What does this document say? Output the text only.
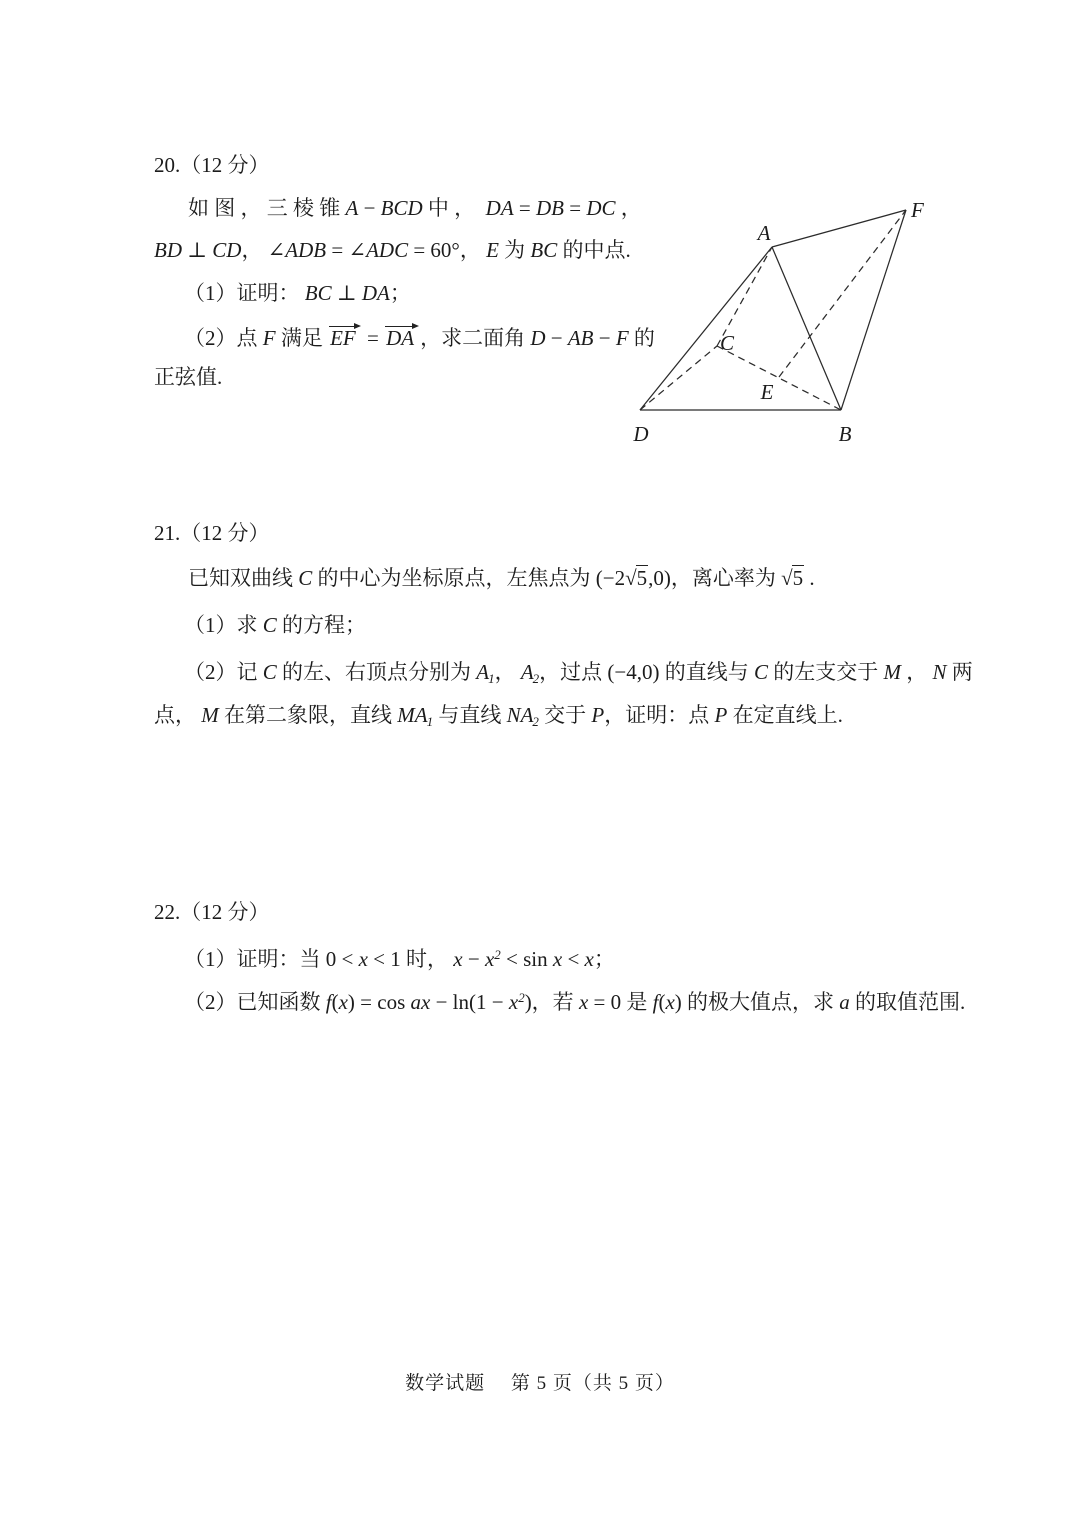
20.（12 分）
如 图 ， 三 棱 锥 A − BCD 中 ，  DA = DB = DC ，
BD ⊥ CD， ∠ADB = ∠ADC = 60°， E 为 BC 的中点.
（1）证明： BC ⊥ DA；
（2）点 F 满足 EF = DA ，求二面角 D − AB − F 的
正弦值.
A
B
C
D
E
F
21.（12 分）
已知双曲线 C 的中心为坐标原点，左焦点为 (−2√5,0)，离心率为 √5 .
（1）求 C 的方程；
（2）记 C 的左、右顶点分别为 A1， A2，过点 (−4,0) 的直线与 C 的左支交于 M ， N 两
点， M 在第二象限，直线 MA1 与直线 NA2 交于 P，证明：点 P 在定直线上.
22.（12 分）
（1）证明：当 0 < x < 1 时， $x - x^2 < \sin x < x$；
（2）已知函数 f(x) = cos ax − $\ln(1 - x^2)$，若 x = 0 是 f(x) 的极大值点，求 a 的取值范围.
数学试题　 第 5 页（共 5 页）
